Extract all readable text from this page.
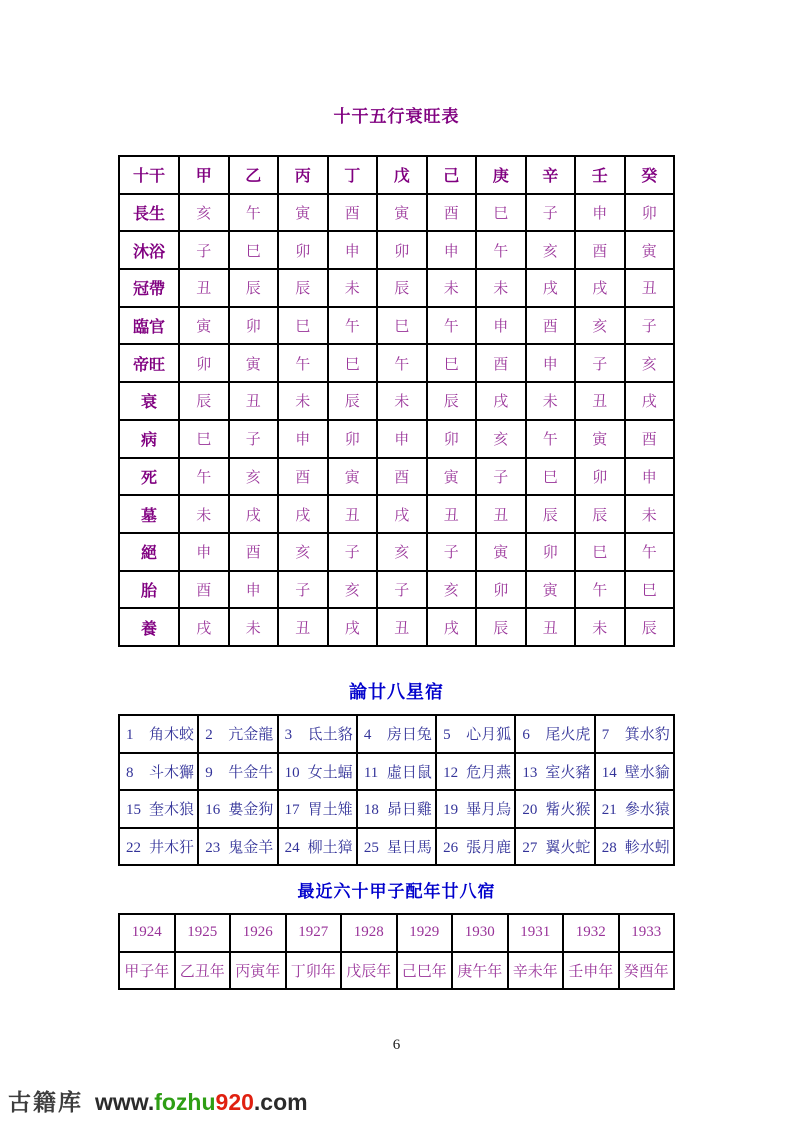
十干五行衰旺表
十干	甲	乙	丙	丁	戊	己	庚	辛	壬	癸
長生	亥	午	寅	酉	寅	酉	巳	子	申	卯
沐浴	子	巳	卯	申	卯	申	午	亥	酉	寅
冠帶	丑	辰	辰	未	辰	未	未	戌	戌	丑
臨官	寅	卯	巳	午	巳	午	申	酉	亥	子
帝旺	卯	寅	午	巳	午	巳	酉	申	子	亥
衰	辰	丑	未	辰	未	辰	戌	未	丑	戌
病	巳	子	申	卯	申	卯	亥	午	寅	酉
死	午	亥	酉	寅	酉	寅	子	巳	卯	申
墓	未	戌	戌	丑	戌	丑	丑	辰	辰	未
絕	申	酉	亥	子	亥	子	寅	卯	巳	午
胎	酉	申	子	亥	子	亥	卯	寅	午	巳
養	戌	未	丑	戌	丑	戌	辰	丑	未	辰
論廿八星宿
1 角木蛟	2 亢金龍	3 氐土貉	4 房日兔	5 心月狐	6 尾火虎	7 箕水豹
8 斗木獬	9 牛金牛	10 女土蝠	11 虛日鼠	12 危月燕	13 室火豬	14 壁水貐
15 奎木狼	16 婁金狗	17 胃土雉	18 昴日雞	19 畢月烏	20 觜火猴	21 參水猿
22 井木犴	23 鬼金羊	24 柳土獐	25 星日馬	26 張月鹿	27 翼火蛇	28 軫水蚓
最近六十甲子配年廿八宿
1924	1925	1926	1927	1928	1929	1930	1931	1932	1933
甲子年	乙丑年	丙寅年	丁卯年	戊辰年	己巳年	庚午年	辛未年	壬申年	癸酉年
6
古籍库 www.fozhu920.com
